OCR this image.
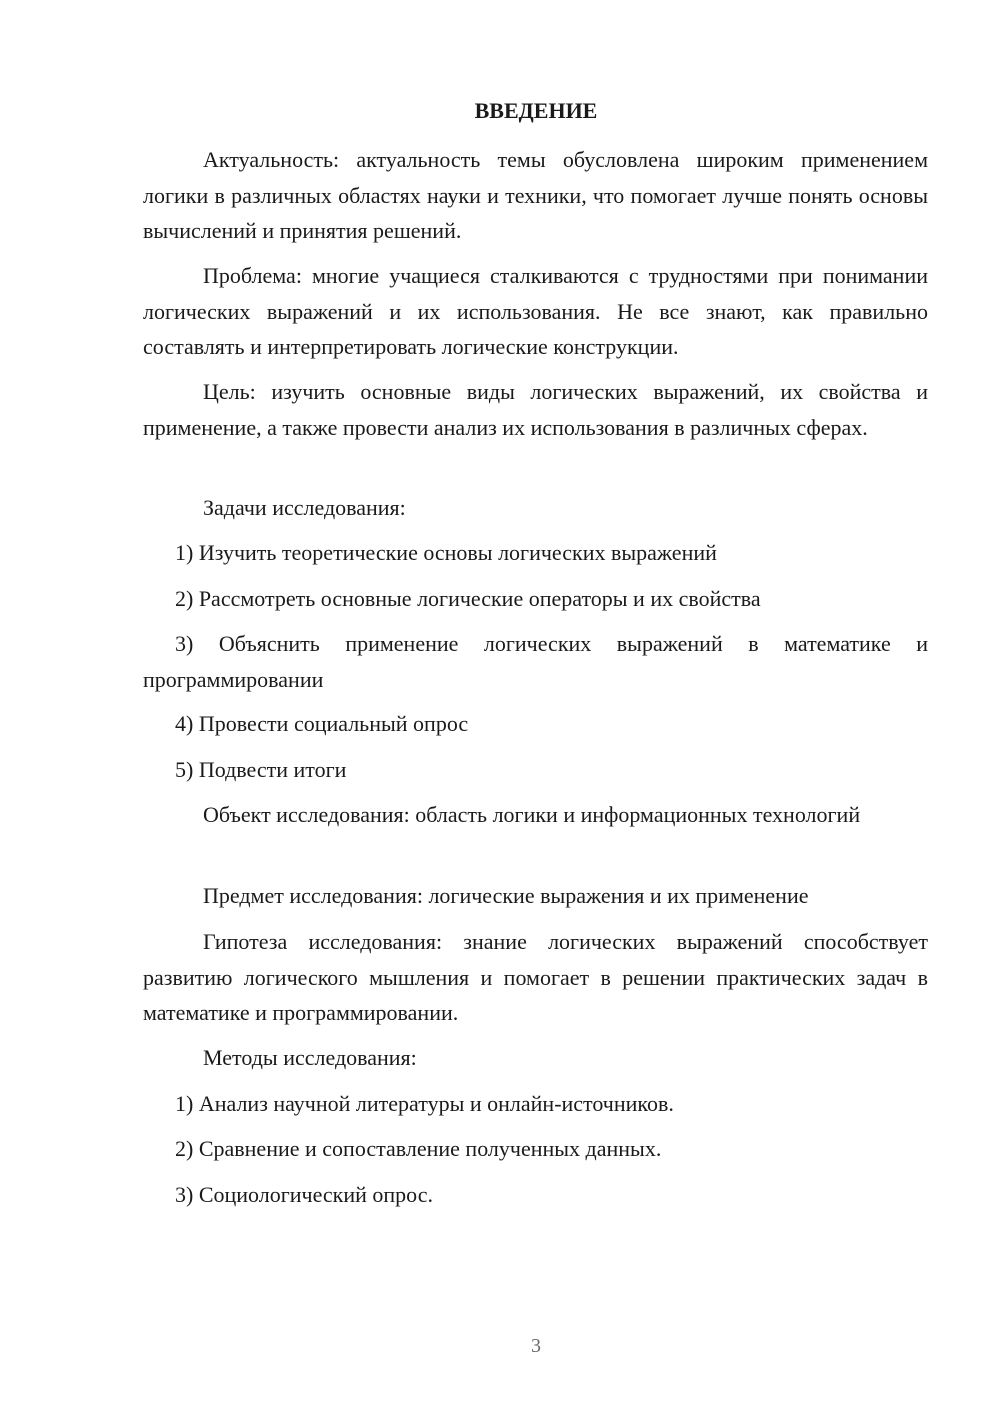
ВВЕДЕНИЕ

Актуальность: актуальность темы обусловлена широким применением логики в различных областях науки и техники, что помогает лучше понять основы вычислений и принятия решений.

Проблема: многие учащиеся сталкиваются с трудностями при понимании логических выражений и их использования. Не все знают, как правильно составлять и интерпретировать логические конструкции.

Цель: изучить основные виды логических выражений, их свойства и применение, а также провести анализ их использования в различных сферах.

Задачи исследования:

1) Изучить теоретические основы логических выражений

2) Рассмотреть основные логические операторы и их свойства

3) Объяснить применение логических выражений в математике и программировании

4) Провести социальный опрос

5) Подвести итоги

Объект исследования: область логики и информационных технологий

Предмет исследования: логические выражения и их применение

Гипотеза исследования: знание логических выражений способствует развитию логического мышления и помогает в решении практических задач в математике и программировании.

Методы исследования:

1) Анализ научной литературы и онлайн-источников.

2) Сравнение и сопоставление полученных данных.

3) Социологический опрос.

3
